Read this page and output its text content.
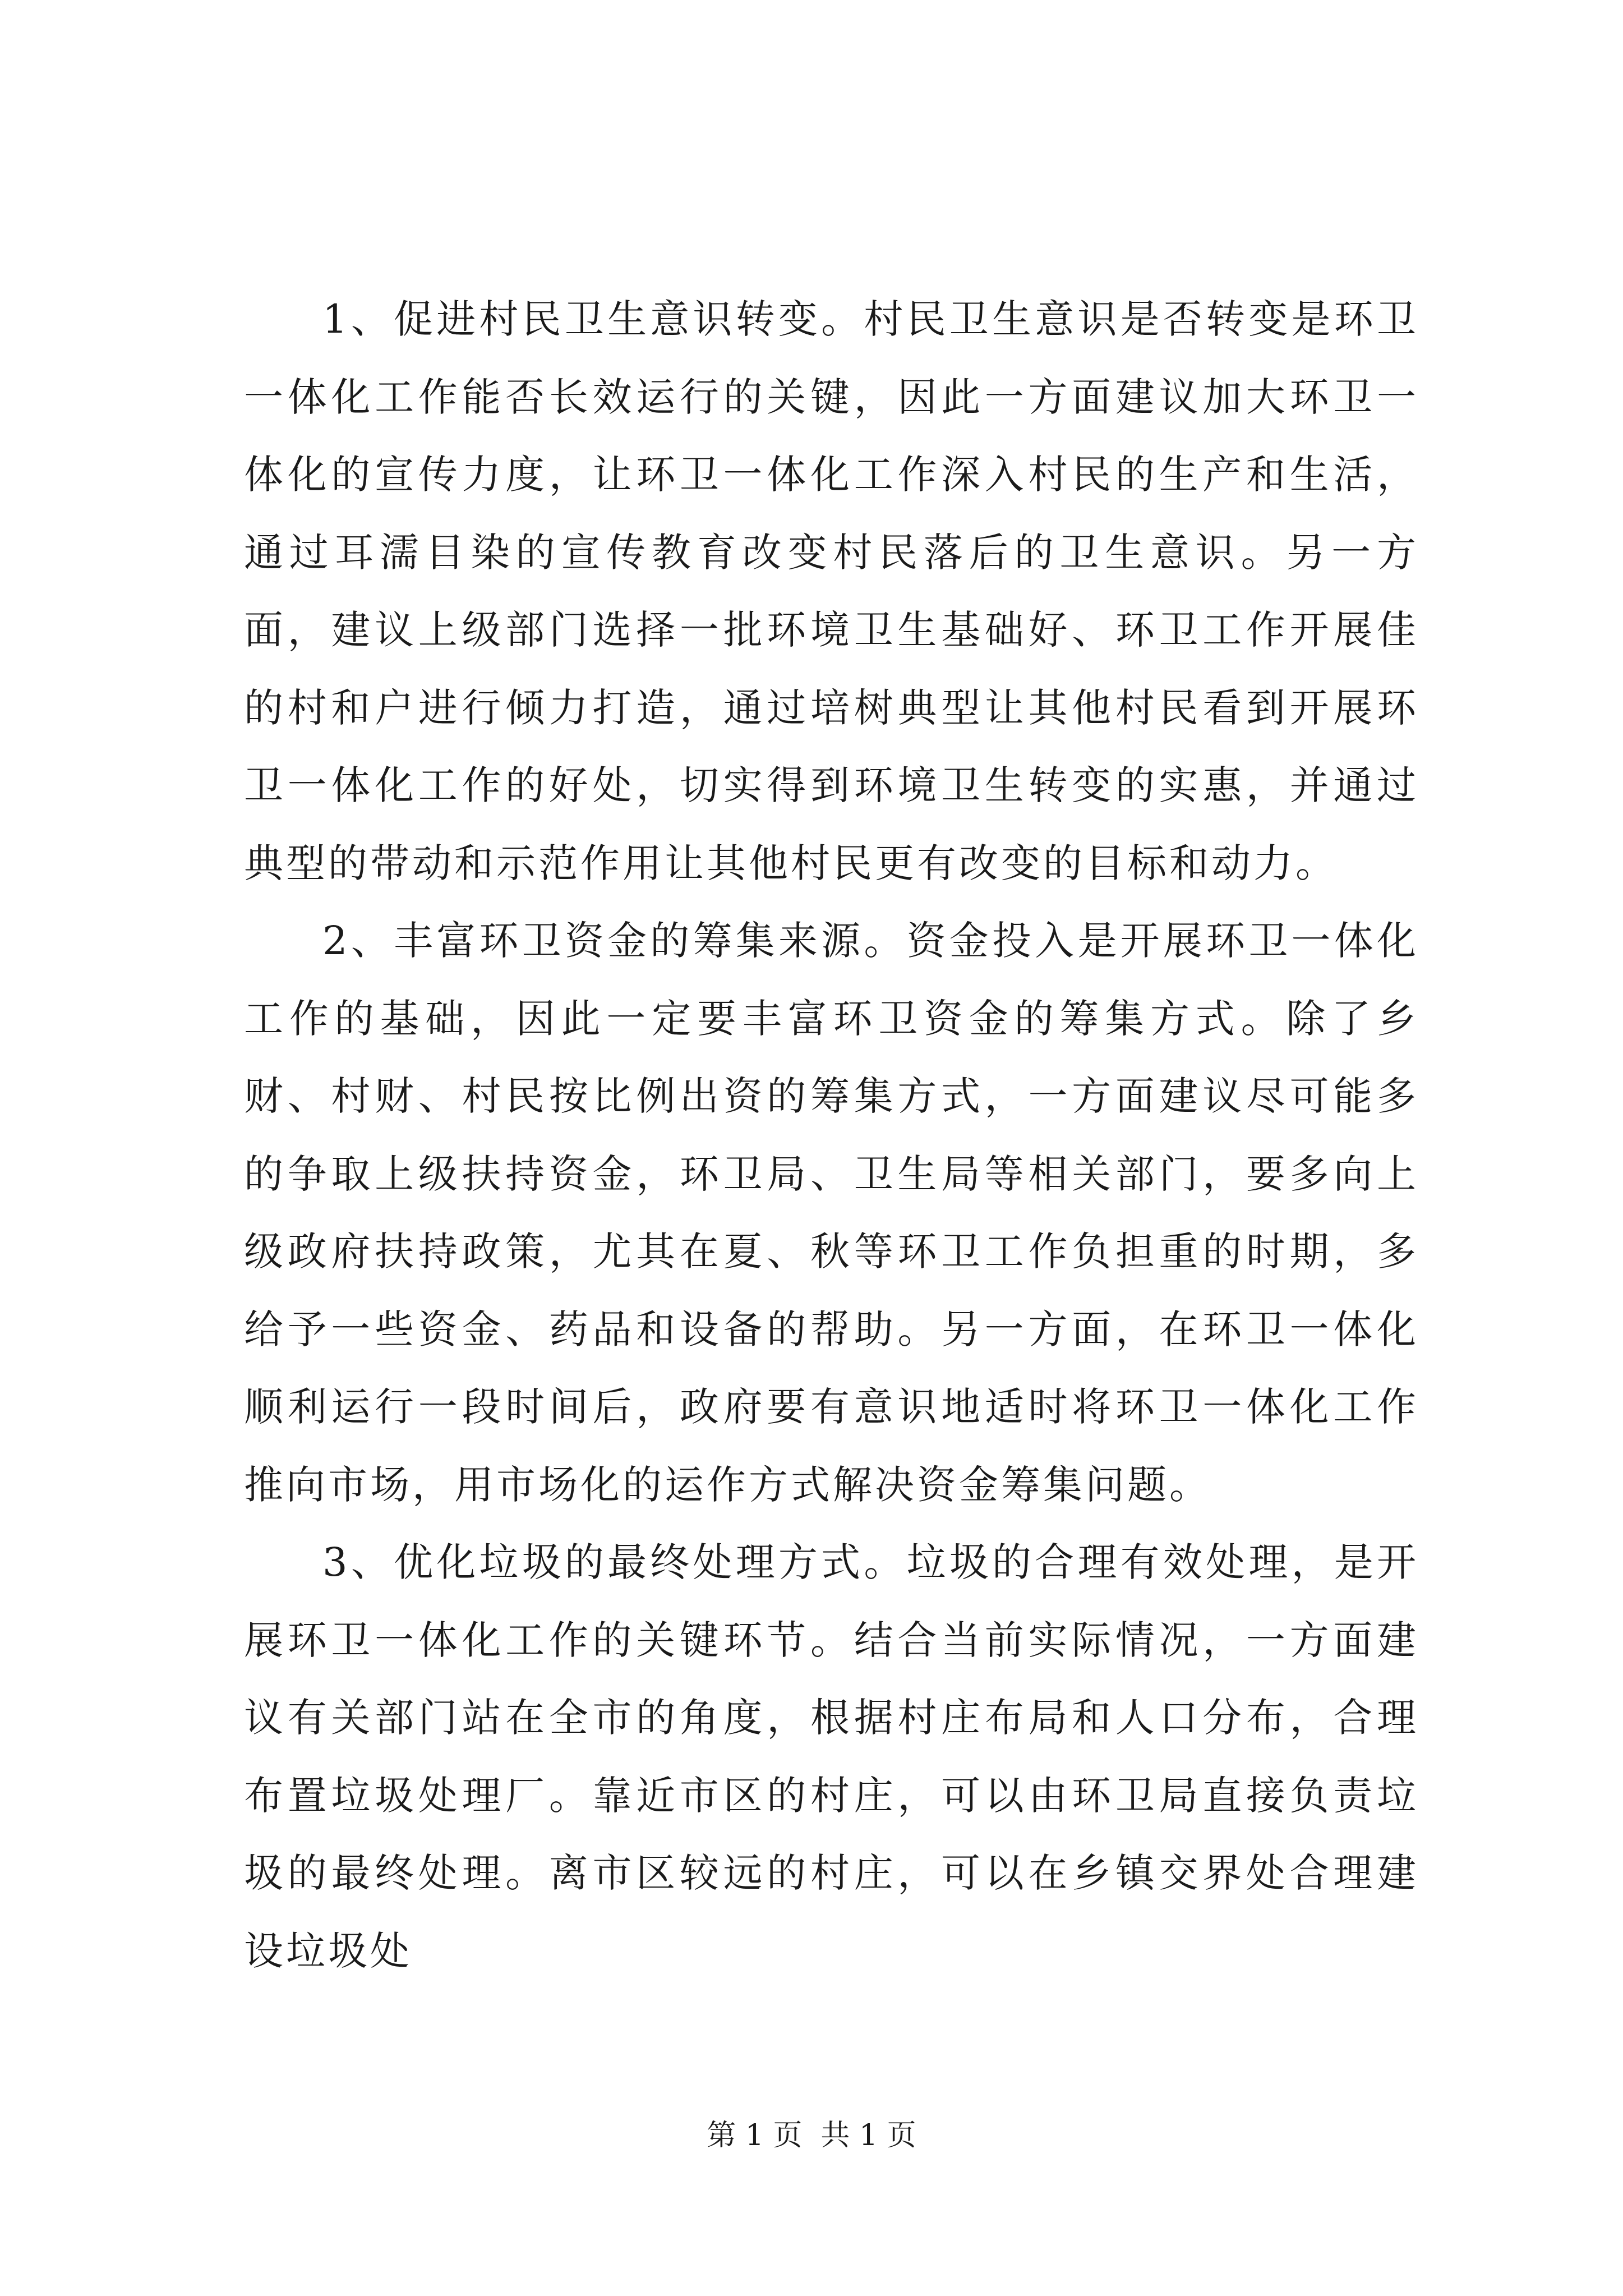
1、促进村民卫生意识转变。村民卫生意识是否转变是环卫一体化工作能否长效运行的关键，因此一方面建议加大环卫一体化的宣传力度，让环卫一体化工作深入村民的生产和生活，通过耳濡目染的宣传教育改变村民落后的卫生意识。另一方面，建议上级部门选择一批环境卫生基础好、环卫工作开展佳的村和户进行倾力打造，通过培树典型让其他村民看到开展环卫一体化工作的好处，切实得到环境卫生转变的实惠，并通过典型的带动和示范作用让其他村民更有改变的目标和动力。

2、丰富环卫资金的筹集来源。资金投入是开展环卫一体化工作的基础，因此一定要丰富环卫资金的筹集方式。除了乡财、村财、村民按比例出资的筹集方式，一方面建议尽可能多的争取上级扶持资金，环卫局、卫生局等相关部门，要多向上级政府扶持政策，尤其在夏、秋等环卫工作负担重的时期，多给予一些资金、药品和设备的帮助。另一方面，在环卫一体化顺利运行一段时间后，政府要有意识地适时将环卫一体化工作推向市场，用市场化的运作方式解决资金筹集问题。

3、优化垃圾的最终处理方式。垃圾的合理有效处理，是开展环卫一体化工作的关键环节。结合当前实际情况，一方面建议有关部门站在全市的角度，根据村庄布局和人口分布，合理布置垃圾处理厂。靠近市区的村庄，可以由环卫局直接负责垃圾的最终处理。离市区较远的村庄，可以在乡镇交界处合理建设垃圾处

第 1 页  共 1 页
